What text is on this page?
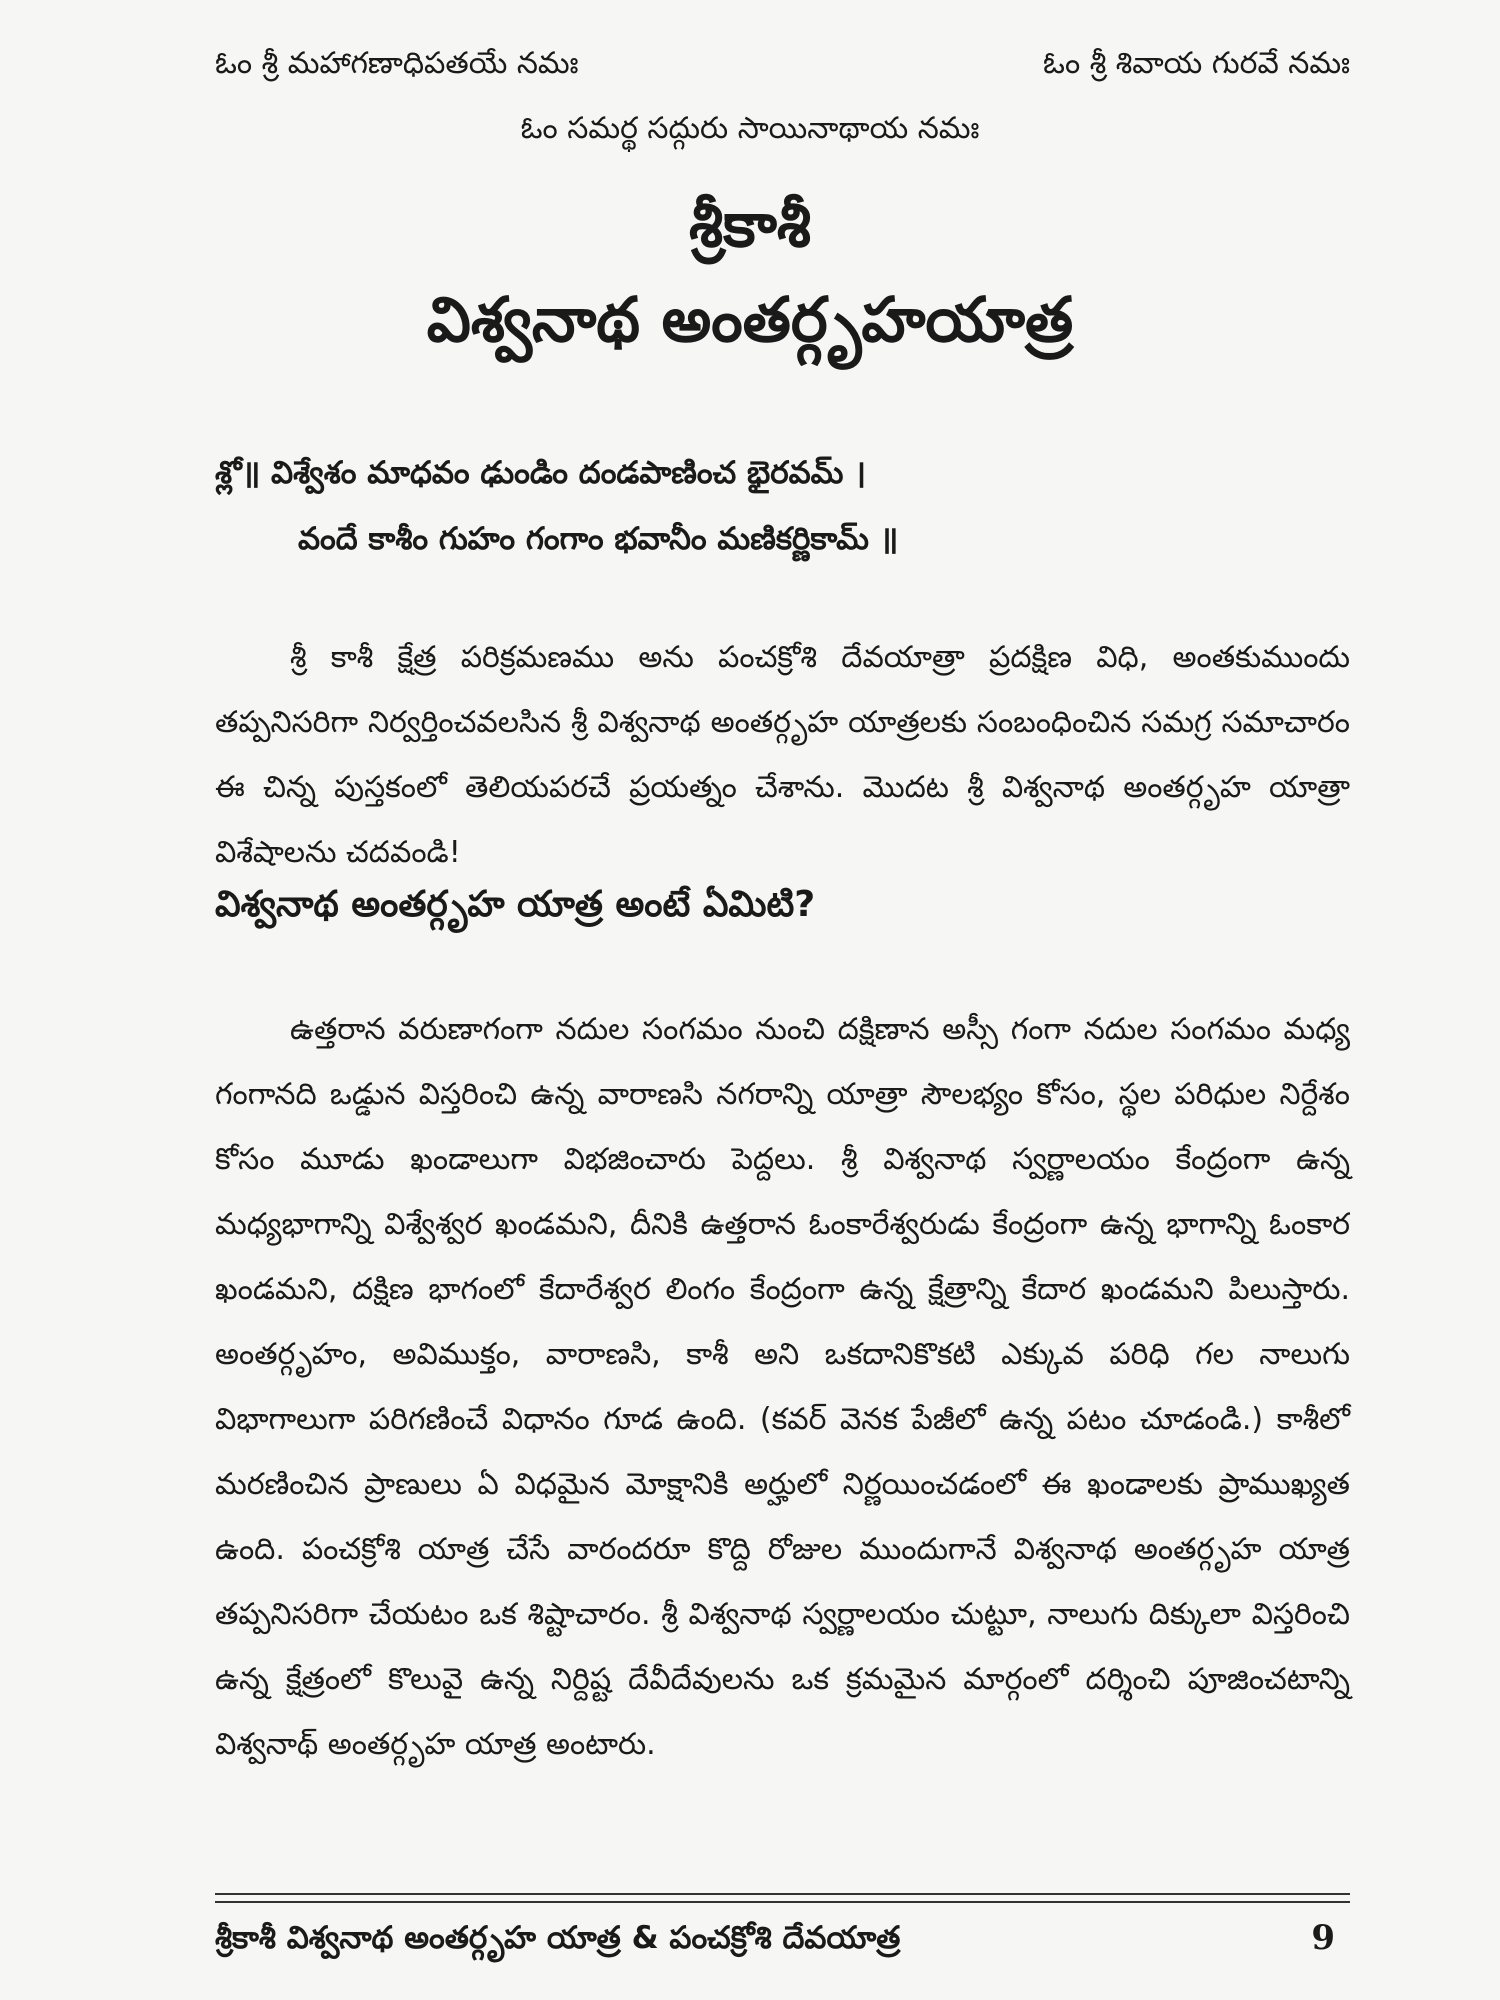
ఓం శ్రీ మహాగణాధిపతయే నమః	ఓం శ్రీ శివాయ గురవే నమః
ఓం సమర్థ సద్గురు సాయినాథాయ నమః
శ్రీకాశీ
విశ్వనాథ అంతర్గృహయాత్ర
శ్లో॥ విశ్వేశం మాధవం ఢుండిం దండపాణించ భైరవమ్ ।
వందే కాశీం గుహం గంగాం భవానీం మణికర్ణికామ్ ॥

శ్రీ కాశీ క్షేత్ర పరిక్రమణము అను పంచక్రోశి దేవయాత్రా ప్రదక్షిణ విధి, అంతకుముందు తప్పనిసరిగా నిర్వర్తించవలసిన శ్రీ విశ్వనాథ అంతర్గృహ యాత్రలకు సంబంధించిన సమగ్ర సమాచారం ఈ చిన్న పుస్తకంలో తెలియపరచే ప్రయత్నం చేశాను. మొదట శ్రీ విశ్వనాథ అంతర్గృహ యాత్రా విశేషాలను చదవండి!

విశ్వనాథ అంతర్గృహ యాత్ర అంటే ఏమిటి?

ఉత్తరాన వరుణాగంగా నదుల సంగమం నుంచి దక్షిణాన అస్సీ గంగా నదుల సంగమం మధ్య గంగానది ఒడ్డున విస్తరించి ఉన్న వారాణసి నగరాన్ని యాత్రా సౌలభ్యం కోసం, స్థల పరిధుల నిర్దేశం కోసం మూడు ఖండాలుగా విభజించారు పెద్దలు. శ్రీ విశ్వనాథ స్వర్ణాలయం కేంద్రంగా ఉన్న మధ్యభాగాన్ని విశ్వేశ్వర ఖండమని, దీనికి ఉత్తరాన ఓంకారేశ్వరుడు కేంద్రంగా ఉన్న భాగాన్ని ఓంకార ఖండమని, దక్షిణ భాగంలో కేదారేశ్వర లింగం కేంద్రంగా ఉన్న క్షేత్రాన్ని కేదార ఖండమని పిలుస్తారు. అంతర్గృహం, అవిముక్తం, వారాణసి, కాశీ అని ఒకదానికొకటి ఎక్కువ పరిధి గల నాలుగు విభాగాలుగా పరిగణించే విధానం గూడ ఉంది. (కవర్ వెనక పేజీలో ఉన్న పటం చూడండి.) కాశీలో మరణించిన ప్రాణులు ఏ విధమైన మోక్షానికి అర్హులో నిర్ణయించడంలో ఈ ఖండాలకు ప్రాముఖ్యత ఉంది. పంచక్రోశి యాత్ర చేసే వారందరూ కొద్ది రోజుల ముందుగానే విశ్వనాథ అంతర్గృహ యాత్ర తప్పనిసరిగా చేయటం ఒక శిష్టాచారం. శ్రీ విశ్వనాథ స్వర్ణాలయం చుట్టూ, నాలుగు దిక్కులా విస్తరించి ఉన్న క్షేత్రంలో కొలువై ఉన్న నిర్దిష్ట దేవీదేవులను ఒక క్రమమైన మార్గంలో దర్శించి పూజించటాన్ని విశ్వనాథ్ అంతర్గృహ యాత్ర అంటారు.

శ్రీకాశీ విశ్వనాథ అంతర్గృహ యాత్ర & పంచక్రోశి దేవయాత్ర	9
